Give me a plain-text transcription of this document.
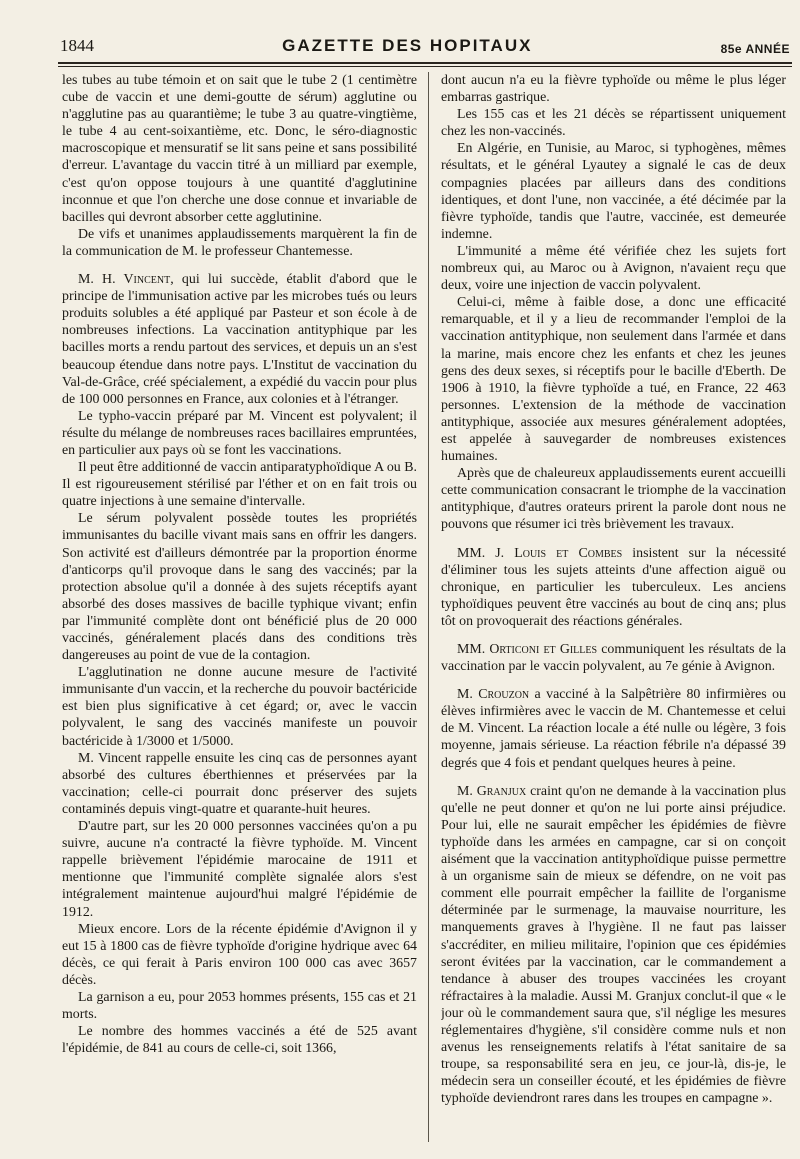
1844	GAZETTE DES HOPITAUX	85e ANNÉE

les tubes au tube témoin et on sait que le tube 2 (1 centimètre cube de vaccin et une demi-goutte de sérum) agglutine ou n'agglutine pas au quarantième; le tube 3 au quatre-vingtième, le tube 4 au cent-soixantième, etc. Donc, le séro-diagnostic macroscopique et mensuratif se lit sans peine et sans possibilité d'erreur. L'avantage du vaccin titré à un milliard par exemple, c'est qu'on oppose toujours à une quantité d'agglutinine inconnue et que l'on cherche une dose connue et invariable de bacilles qui devront absorber cette agglutinine.

De vifs et unanimes applaudissements marquèrent la fin de la communication de M. le professeur Chantemesse.

M. H. Vincent, qui lui succède, établit d'abord que le principe de l'immunisation active par les microbes tués ou leurs produits solubles a été appliqué par Pasteur et son école à de nombreuses infections. La vaccination antityphique par les bacilles morts a rendu partout des services, et depuis un an s'est beaucoup étendue dans notre pays. L'Institut de vaccination du Val-de-Grâce, créé spécialement, a expédié du vaccin pour plus de 100 000 personnes en France, aux colonies et à l'étranger.

Le typho-vaccin préparé par M. Vincent est polyvalent; il résulte du mélange de nombreuses races bacillaires empruntées, en particulier aux pays où se font les vaccinations.

Il peut être additionné de vaccin antiparatyphoïdique A ou B. Il est rigoureusement stérilisé par l'éther et on en fait trois ou quatre injections à une semaine d'intervalle.

Le sérum polyvalent possède toutes les propriétés immunisantes du bacille vivant mais sans en offrir les dangers. Son activité est d'ailleurs démontrée par la proportion énorme d'anticorps qu'il provoque dans le sang des vaccinés; par la protection absolue qu'il a donnée à des sujets réceptifs ayant absorbé des doses massives de bacille typhique vivant; enfin par l'immunité complète dont ont bénéficié plus de 20 000 vaccinés, généralement placés dans des conditions très dangereuses au point de vue de la contagion.

L'agglutination ne donne aucune mesure de l'activité immunisante d'un vaccin, et la recherche du pouvoir bactéricide est bien plus significative à cet égard; or, avec le vaccin polyvalent, le sang des vaccinés manifeste un pouvoir bactéricide à 1/3000 et 1/5000.

M. Vincent rappelle ensuite les cinq cas de personnes ayant absorbé des cultures éberthiennes et préservées par la vaccination; celle-ci pourrait donc préserver des sujets contaminés depuis vingt-quatre et quarante-huit heures.

D'autre part, sur les 20 000 personnes vaccinées qu'on a pu suivre, aucune n'a contracté la fièvre typhoïde. M. Vincent rappelle brièvement l'épidémie marocaine de 1911 et mentionne que l'immunité complète signalée alors s'est intégralement maintenue aujourd'hui malgré l'épidémie de 1912.

Mieux encore. Lors de la récente épidémie d'Avignon il y eut 15 à 1800 cas de fièvre typhoïde d'origine hydrique avec 64 décès, ce qui ferait à Paris environ 100 000 cas avec 3657 décès.

La garnison a eu, pour 2053 hommes présents, 155 cas et 21 morts.

Le nombre des hommes vaccinés a été de 525 avant l'épidémie, de 841 au cours de celle-ci, soit 1366,

dont aucun n'a eu la fièvre typhoïde ou même le plus léger embarras gastrique.

Les 155 cas et les 21 décès se répartissent uniquement chez les non-vaccinés.

En Algérie, en Tunisie, au Maroc, si typhogènes, mêmes résultats, et le général Lyautey a signalé le cas de deux compagnies placées par ailleurs dans des conditions identiques, et dont l'une, non vaccinée, a été décimée par la fièvre typhoïde, tandis que l'autre, vaccinée, est demeurée indemne.

L'immunité a même été vérifiée chez les sujets fort nombreux qui, au Maroc ou à Avignon, n'avaient reçu que deux, voire une injection de vaccin polyvalent.

Celui-ci, même à faible dose, a donc une efficacité remarquable, et il y a lieu de recommander l'emploi de la vaccination antityphique, non seulement dans l'armée et dans la marine, mais encore chez les enfants et chez les jeunes gens des deux sexes, si réceptifs pour le bacille d'Eberth. De 1906 à 1910, la fièvre typhoïde a tué, en France, 22 463 personnes. L'extension de la méthode de vaccination antityphique, associée aux mesures généralement adoptées, est appelée à sauvegarder de nombreuses existences humaines.

Après que de chaleureux applaudissements eurent accueilli cette communication consacrant le triomphe de la vaccination antityphique, d'autres orateurs prirent la parole dont nous ne pouvons que résumer ici très brièvement les travaux.

MM. J. Louis et Combes insistent sur la nécessité d'éliminer tous les sujets atteints d'une affection aiguë ou chronique, en particulier les tuberculeux. Les anciens typhoïdiques peuvent être vaccinés au bout de cinq ans; plus tôt on provoquerait des réactions générales.

MM. Orticoni et Gilles communiquent les résultats de la vaccination par le vaccin polyvalent, au 7e génie à Avignon.

M. Crouzon a vacciné à la Salpêtrière 80 infirmières ou élèves infirmières avec le vaccin de M. Chantemesse et celui de M. Vincent. La réaction locale a été nulle ou légère, 3 fois moyenne, jamais sérieuse. La réaction fébrile n'a dépassé 39 degrés que 4 fois et pendant quelques heures à peine.

M. Granjux craint qu'on ne demande à la vaccination plus qu'elle ne peut donner et qu'on ne lui porte ainsi préjudice. Pour lui, elle ne saurait empêcher les épidémies de fièvre typhoïde dans les armées en campagne, car si on conçoit aisément que la vaccination antityphoïdique puisse permettre à un organisme sain de mieux se défendre, on ne voit pas comment elle pourrait empêcher la faillite de l'organisme déterminée par le surmenage, la mauvaise nourriture, les manquements graves à l'hygiène. Il ne faut pas laisser s'accréditer, en milieu militaire, l'opinion que ces épidémies seront évitées par la vaccination, car le commandement a tendance à abuser des troupes vaccinées les croyant réfractaires à la maladie. Aussi M. Granjux conclut-il que « le jour où le commandement saura que, s'il néglige les mesures réglementaires d'hygiène, s'il considère comme nuls et non avenus les renseignements relatifs à l'état sanitaire de sa troupe, sa responsabilité sera en jeu, ce jour-là, dis-je, le médecin sera un conseiller écouté, et les épidémies de fièvre typhoïde deviendront rares dans les troupes en campagne ».
